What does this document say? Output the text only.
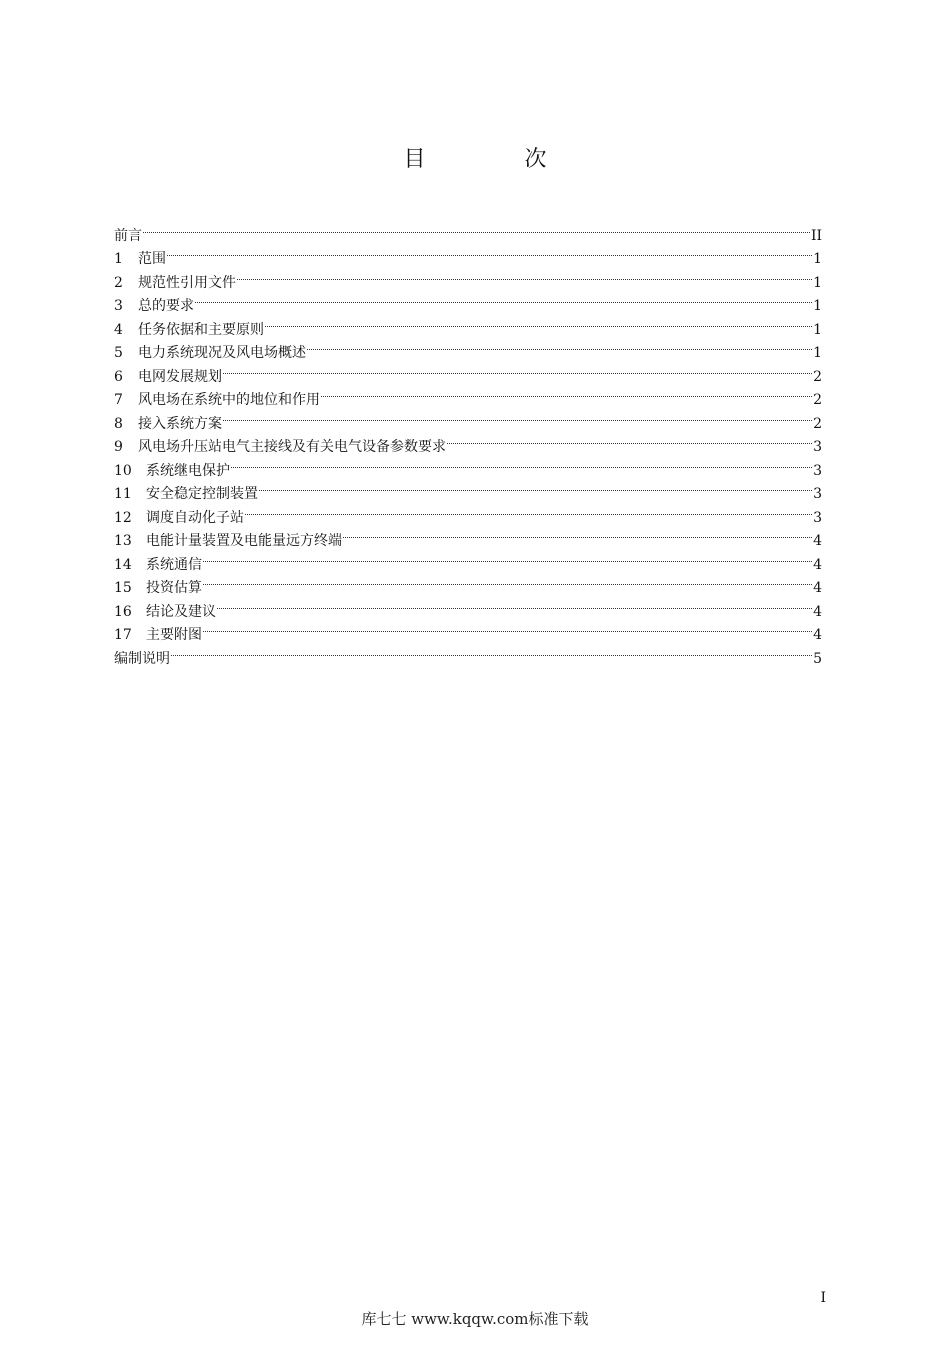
目 次
前言	II
1	范围	1
2	规范性引用文件	1
3	总的要求	1
4	任务依据和主要原则	1
5	电力系统现况及风电场概述	1
6	电网发展规划	2
7	风电场在系统中的地位和作用	2
8	接入系统方案	2
9	风电场升压站电气主接线及有关电气设备参数要求	3
10	系统继电保护	3
11	安全稳定控制装置	3
12	调度自动化子站	3
13	电能计量装置及电能量远方终端	4
14	系统通信	4
15	投资估算	4
16	结论及建议	4
17	主要附图	4
编制说明	5
I
库七七 www.kqqw.com标准下载
